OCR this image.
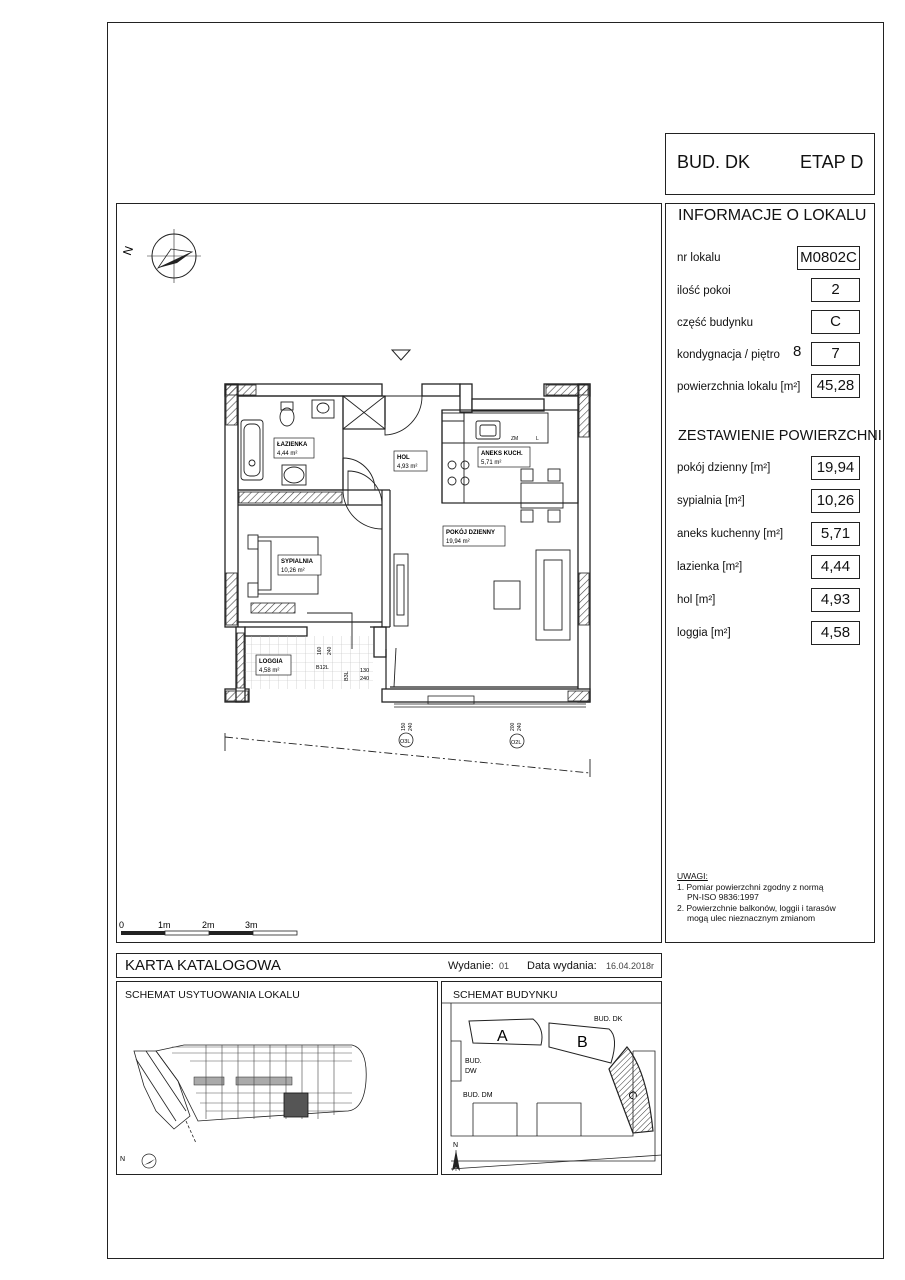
BUD. DK	ETAP D
INFORMACJE O LOKALU
nr lokalu	M0802C
ilość pokoi	2
część budynku	C
kondygnacja / piętro 8	7
powierzchnia lokalu [m²]	45,28
ZESTAWIENIE POWIERZCHNI
pokój dzienny [m²]	19,94
sypialnia [m²]	10,26
aneks kuchenny [m²]	5,71
lazienka [m²]	4,44
hol [m²]	4,93
loggia [m²]	4,58
UWAGI:
1. Pomiar powierzchni zgodny z normą
PN-ISO 9836:1997
2. Powierzchnie balkonów, loggii i tarasów
mogą ulec nieznacznym zmianom
N
ZM	L
ŁAZIENKA
4,44 m²
HOL
4,93 m²
ANEKS KUCH.
5,71 m²
SYPIALNIA
10,26 m²
POKÓJ DZIENNY
19,94 m²
LOGGIA
4,58 m²	B12L
B3L
160 240
130
240
150 240
O3L
200 240
O2L
0	1m	2m	3m
KARTA KATALOGOWA	Wydanie: 01 Data wydania: 16.04.2018r
SCHEMAT USYTUOWANIA LOKALU
N
SCHEMAT BUDYNKU
A	B
C
BUD. DK
BUD.
DW
BUD. DM
N
